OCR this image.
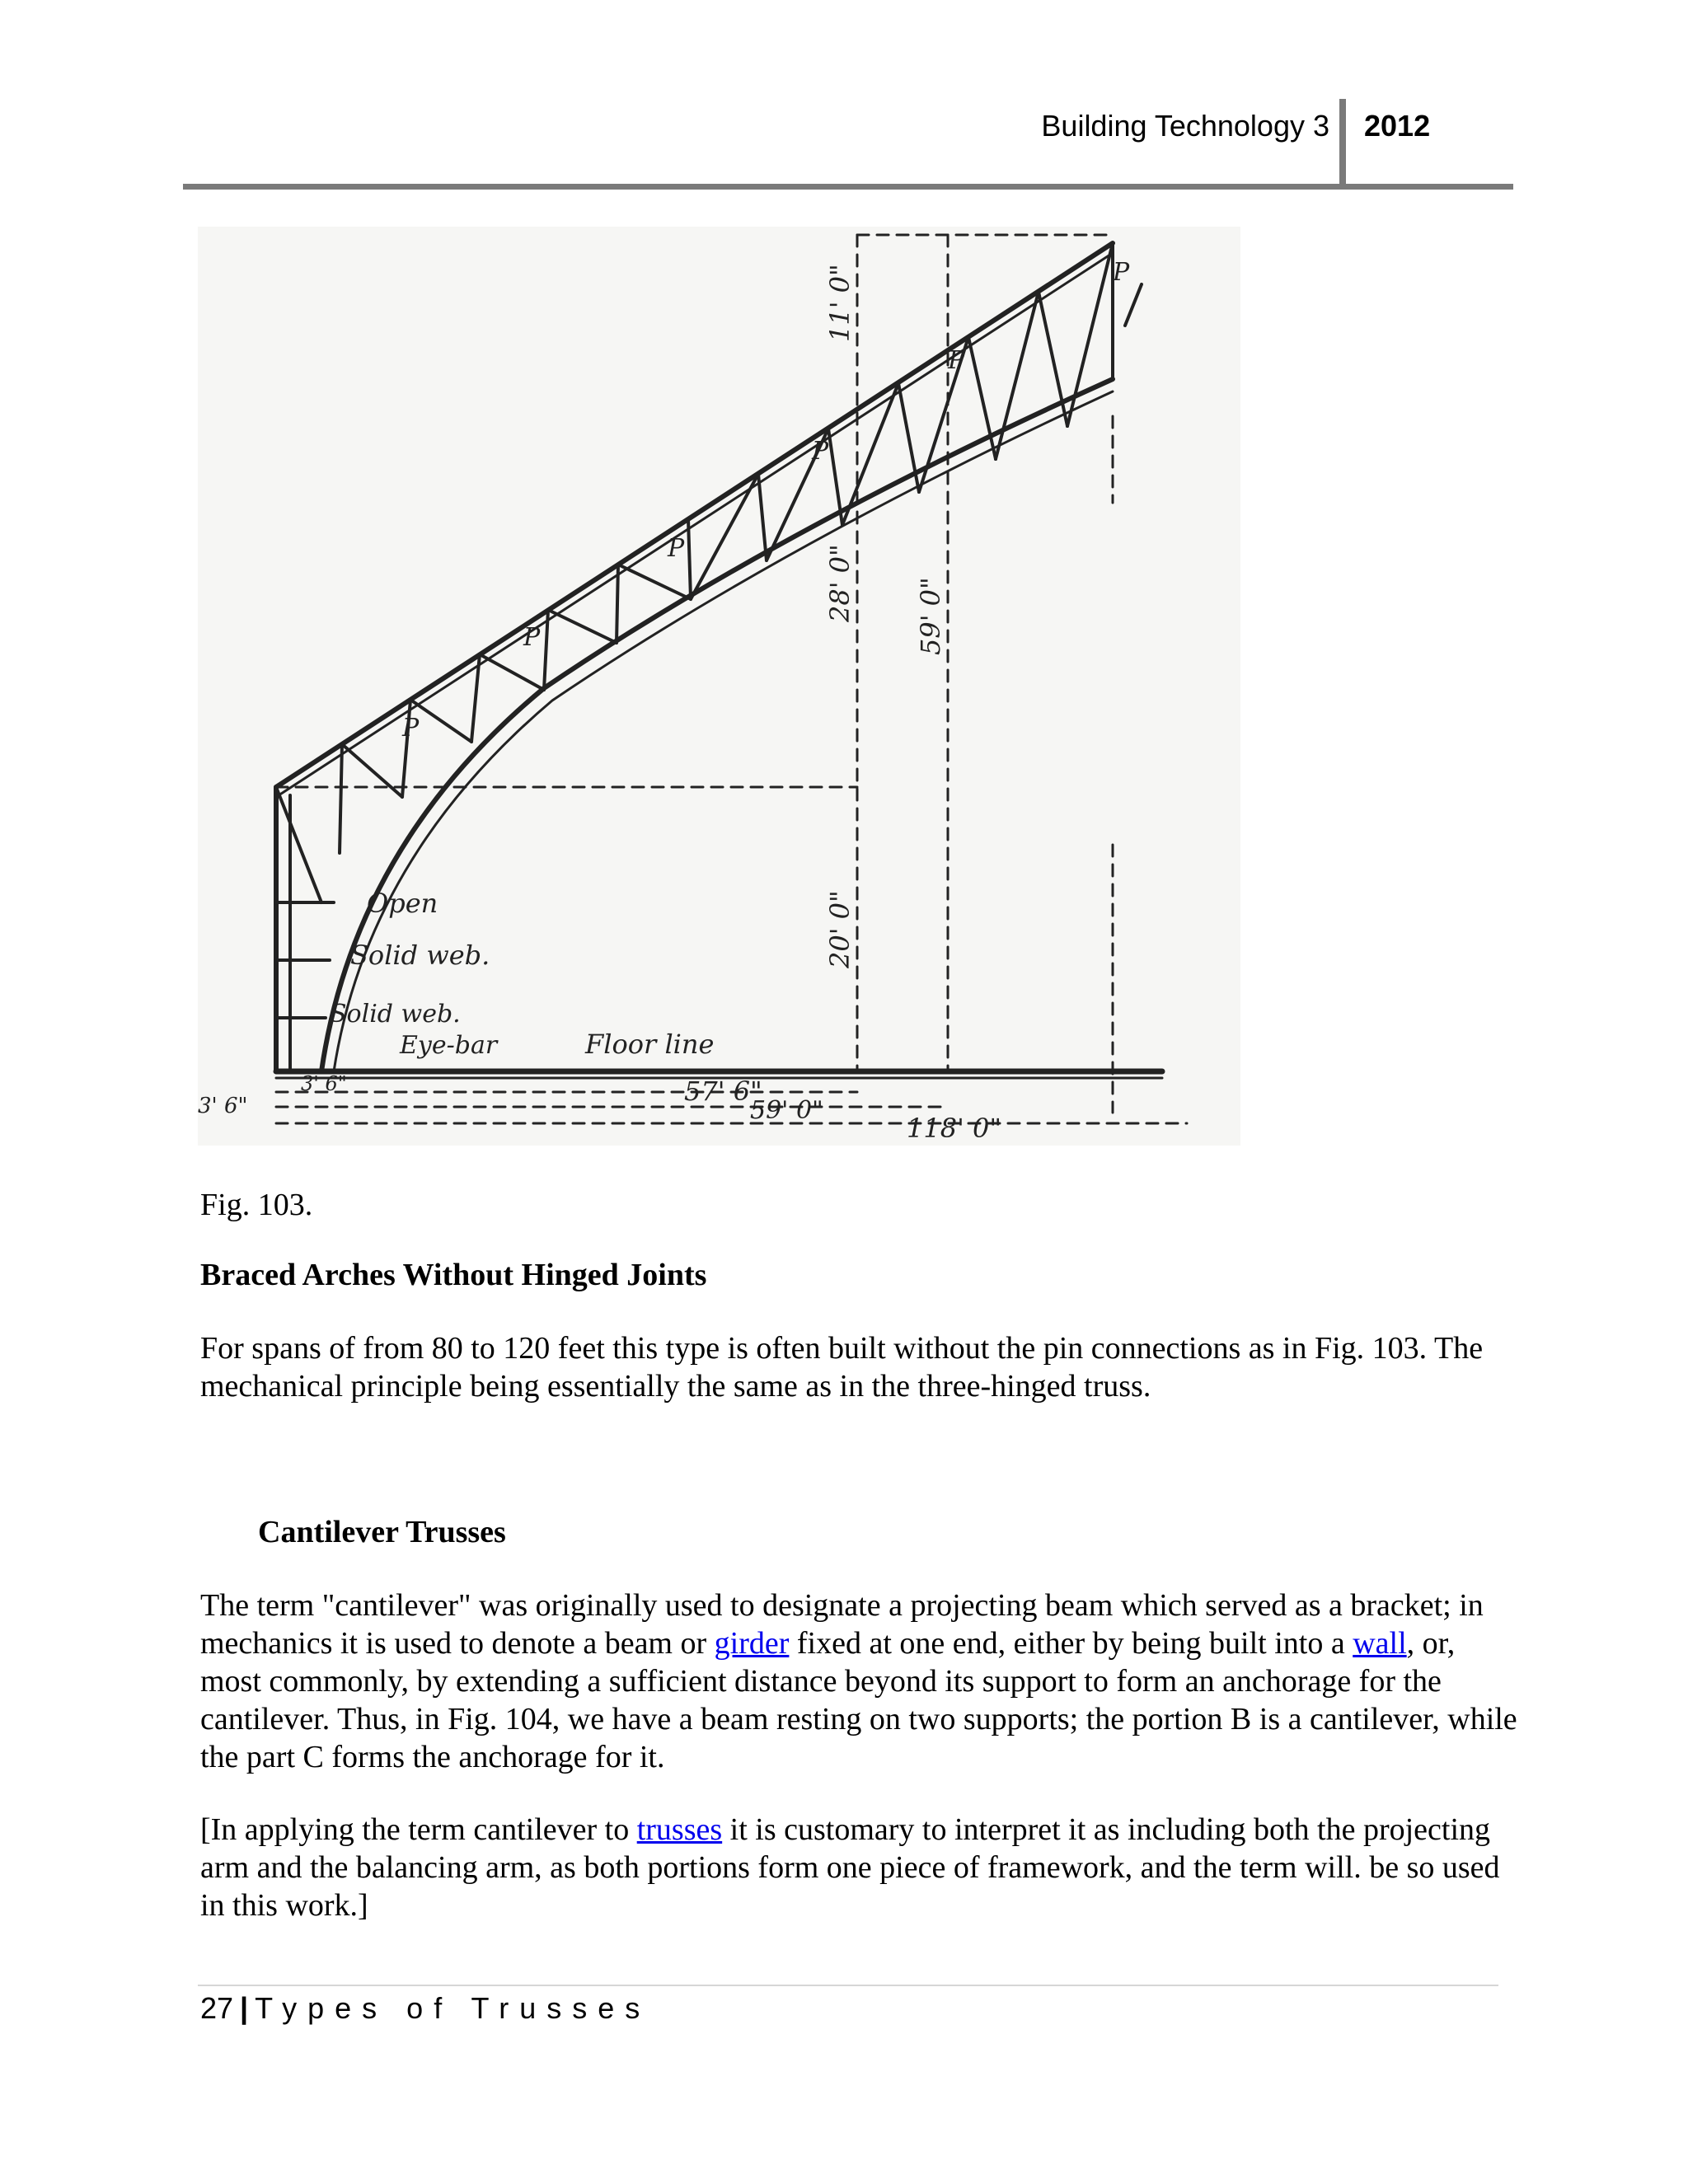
Building Technology 3 2012
P
P
P
P
P
P
11' 0"
28' 0"
20' 0"
59' 0"
Open
Solid web.
Solid web.
Eye-bar	Floor line
3' 6"
3' 6"	57' 6"
59' 0"
118' 0"
Fig. 103.
Braced Arches Without Hinged Joints
For spans of from 80 to 120 feet this type is often built without the pin connections as in Fig. 103. The mechanical principle being essentially the same as in the three-hinged truss.
Cantilever Trusses
The term "cantilever" was originally used to designate a projecting beam which served as a bracket; in mechanics it is used to denote a beam or girder fixed at one end, either by being built into a wall, or, most commonly, by extending a sufficient distance beyond its support to form an anchorage for the cantilever. Thus, in Fig. 104, we have a beam resting on two supports; the portion B is a cantilever, while the part C forms the anchorage for it.
[In applying the term cantilever to trusses it is customary to interpret it as including both the projecting arm and the balancing arm, as both portions form one piece of framework, and the term will. be so used in this work.]
27 | Types of Trusses
